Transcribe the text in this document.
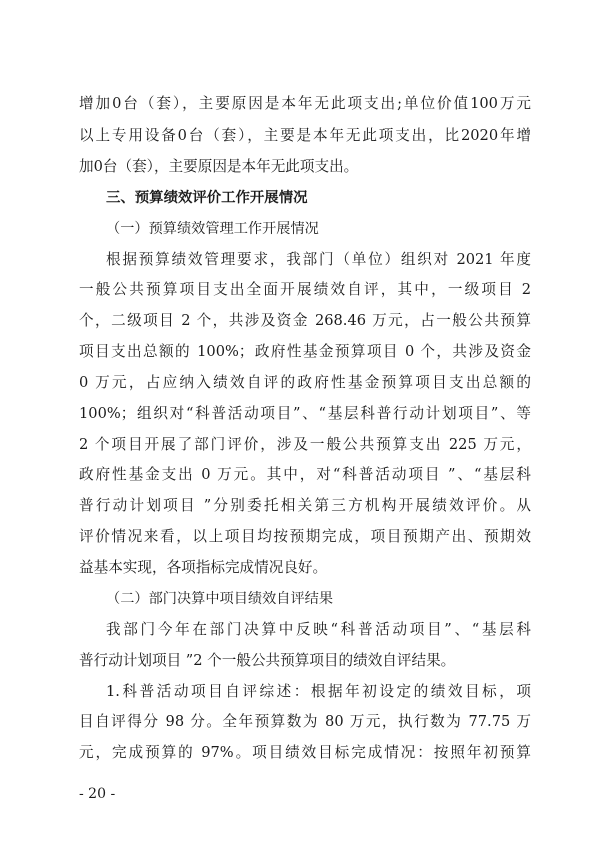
增加0台（套），主要原因是本年无此项支出;单位价值100万元
以上专用设备0台（套），主要是本年无此项支出，比2020年增
加0台（套），主要原因是本年无此项支出。
三、预算绩效评价工作开展情况
（一）预算绩效管理工作开展情况
根据预算绩效管理要求，我部门（单位）组织对 2021 年度
一般公共预算项目支出全面开展绩效自评，其中，一级项目 2
个，二级项目 2 个，共涉及资金 268.46 万元，占一般公共预算
项目支出总额的 100%；政府性基金预算项目 0 个，共涉及资金
0 万元，占应纳入绩效自评的政府性基金预算项目支出总额的
100%；组织对“科普活动项目”、“基层科普行动计划项目”、等
2 个项目开展了部门评价，涉及一般公共预算支出 225 万元，
政府性基金支出 0 万元。其中，对“科普活动项目 ”、“基层科
普行动计划项目 ”分别委托相关第三方机构开展绩效评价。从
评价情况来看，以上项目均按预期完成，项目预期产出、预期效
益基本实现，各项指标完成情况良好。
（二）部门决算中项目绩效自评结果
我部门今年在部门决算中反映“科普活动项目”、“基层科
普行动计划项目 ”2 个一般公共预算项目的绩效自评结果。
1.科普活动项目自评综述：根据年初设定的绩效目标，项
目自评得分 98 分。全年预算数为 80 万元，执行数为 77.75 万
元，完成预算的 97%。项目绩效目标完成情况：按照年初预算
- 20 -
